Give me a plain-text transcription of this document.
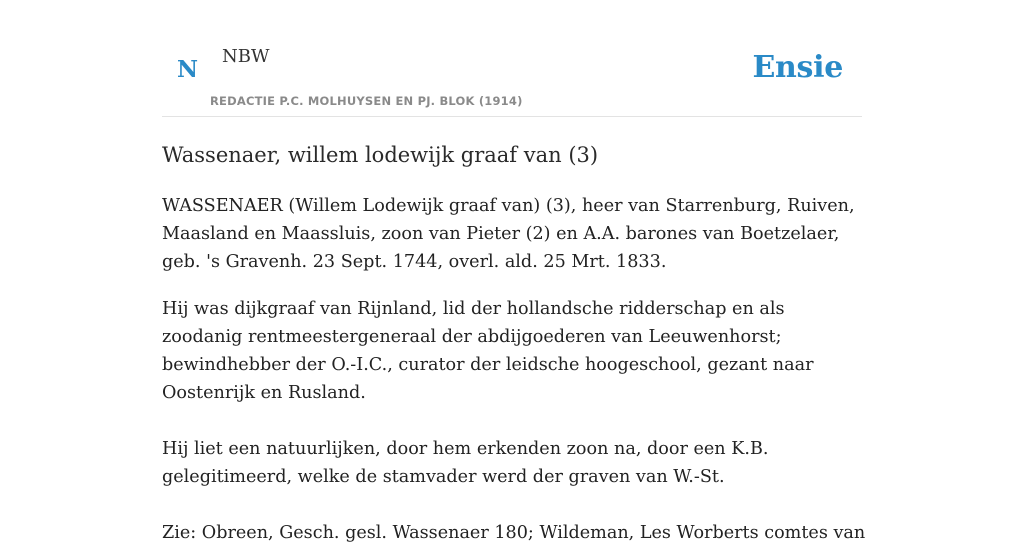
N NBW
REDACTIE P.C. MOLHUYSEN EN PJ. BLOK (1914)
Ensie
Wassenaer, willem lodewijk graaf van (3)

WASSENAER (Willem Lodewijk graaf van) (3), heer van Starrenburg, Ruiven, Maasland en Maassluis, zoon van Pieter (2) en A.A. barones van Boetzelaer, geb. 's Gravenh. 23 Sept. 1744, overl. ald. 25 Mrt. 1833.

Hij was dijkgraaf van Rijnland, lid der hollandsche ridderschap en als zoodanig rentmeestergeneraal der abdijgoederen van Leeuwenhorst; bewindhebber der O.-I.C., curator der leidsche hoogeschool, gezant naar Oostenrijk en Rusland.

Hij liet een natuurlijken, door hem erkenden zoon na, door een K.B. gelegitimeerd, welke de stamvader werd der graven van W.-St.

Zie: Obreen, Gesch. gesl. Wassenaer 180; Wildeman, Les Worberts comtes van
